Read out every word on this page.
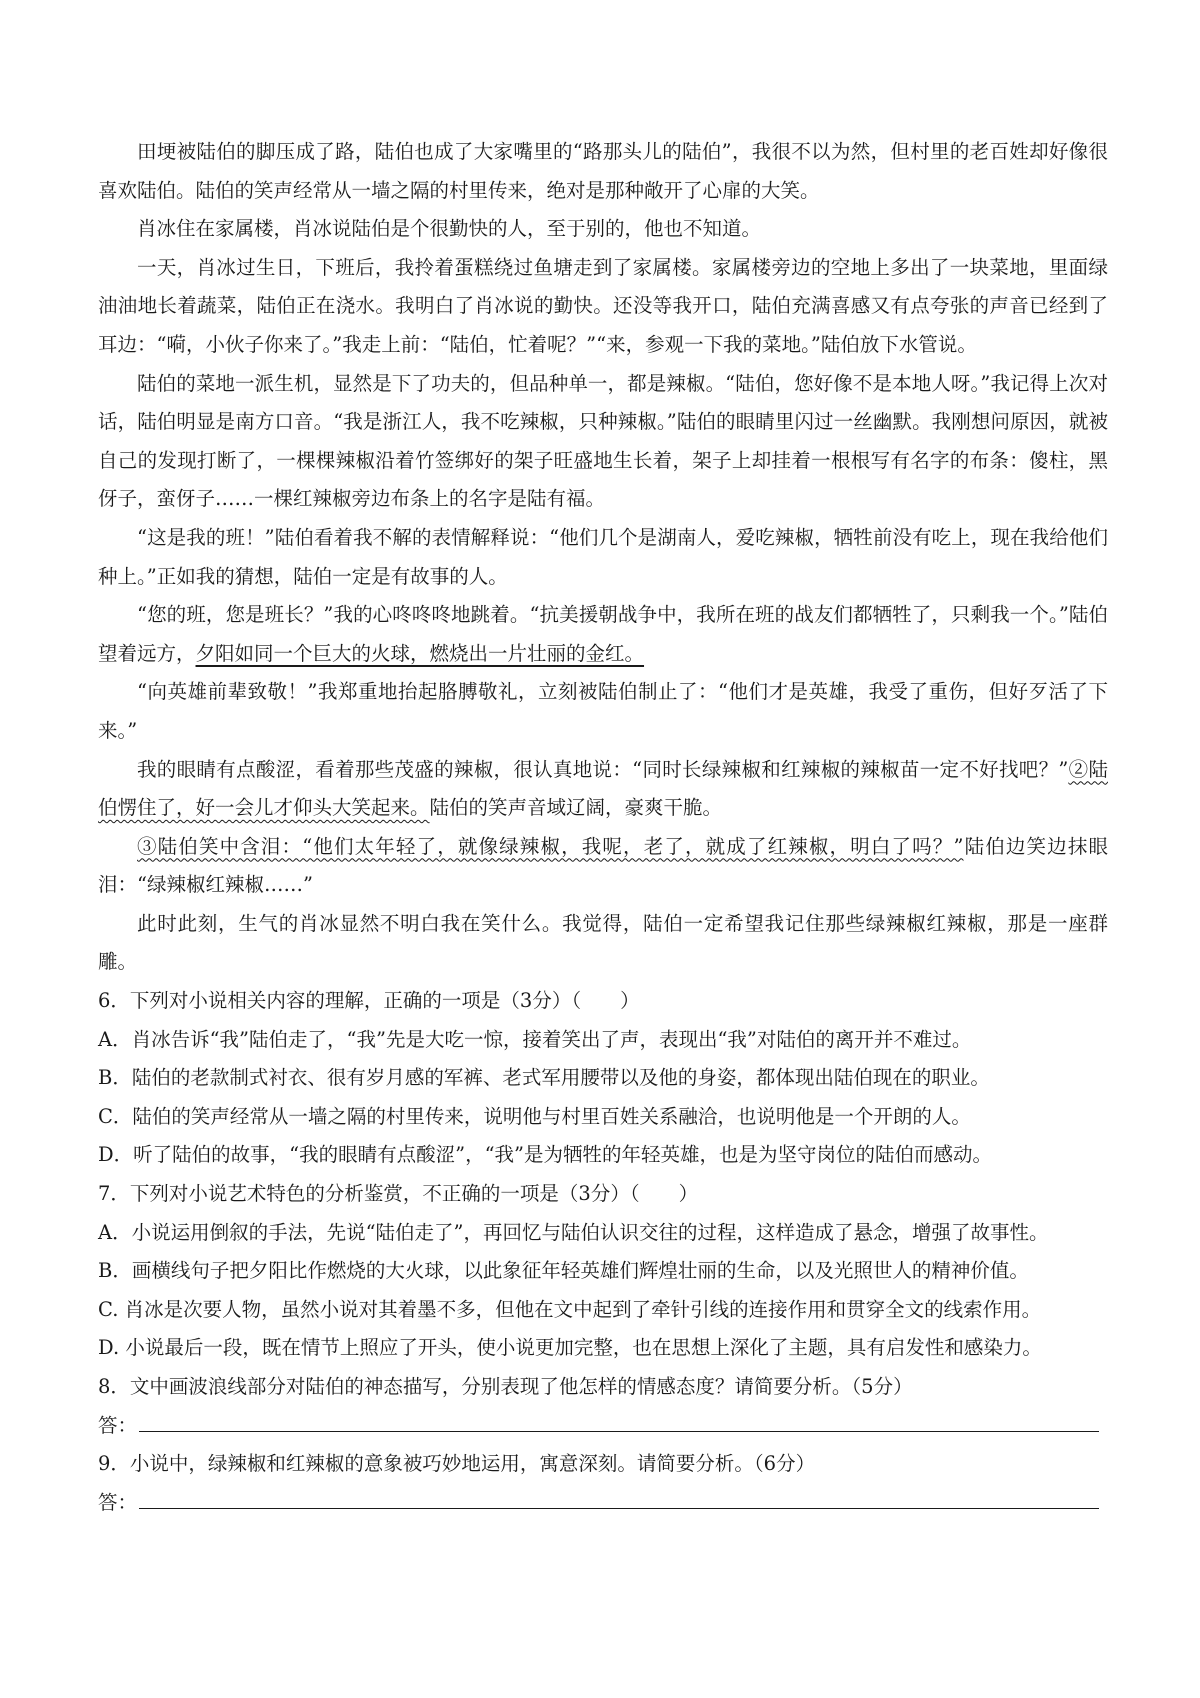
田埂被陆伯的脚压成了路，陆伯也成了大家嘴里的“路那头儿的陆伯”，我很不以为然，但村里的老百姓却好像很喜欢陆伯。陆伯的笑声经常从一墙之隔的村里传来，绝对是那种敞开了心扉的大笑。

肖冰住在家属楼，肖冰说陆伯是个很勤快的人，至于别的，他也不知道。

一天，肖冰过生日，下班后，我拎着蛋糕绕过鱼塘走到了家属楼。家属楼旁边的空地上多出了一块菜地，里面绿油油地长着蔬菜，陆伯正在浇水。我明白了肖冰说的勤快。还没等我开口，陆伯充满喜感又有点夸张的声音已经到了耳边：“嗬，小伙子你来了。”我走上前：“陆伯，忙着呢？”“来，参观一下我的菜地。”陆伯放下水管说。

陆伯的菜地一派生机，显然是下了功夫的，但品种单一，都是辣椒。“陆伯，您好像不是本地人呀。”我记得上次对话，陆伯明显是南方口音。“我是浙江人，我不吃辣椒，只种辣椒。”陆伯的眼睛里闪过一丝幽默。我刚想问原因，就被自己的发现打断了，一棵棵辣椒沿着竹签绑好的架子旺盛地生长着，架子上却挂着一根根写有名字的布条：傻柱，黑伢子，蛮伢子……一棵红辣椒旁边布条上的名字是陆有福。

“这是我的班！”陆伯看着我不解的表情解释说：“他们几个是湖南人，爱吃辣椒，牺牲前没有吃上，现在我给他们种上。”正如我的猜想，陆伯一定是有故事的人。

“您的班，您是班长？”我的心咚咚咚地跳着。“抗美援朝战争中，我所在班的战友们都牺牲了，只剩我一个。”陆伯望着远方，夕阳如同一个巨大的火球，燃烧出一片壮丽的金红。

“向英雄前辈致敬！”我郑重地抬起胳膊敬礼，立刻被陆伯制止了：“他们才是英雄，我受了重伤，但好歹活了下来。”

我的眼睛有点酸涩，看着那些茂盛的辣椒，很认真地说：“同时长绿辣椒和红辣椒的辣椒苗一定不好找吧？”②陆伯愣住了，好一会儿才仰头大笑起来。陆伯的笑声音域辽阔，豪爽干脆。

③陆伯笑中含泪：“他们太年轻了，就像绿辣椒，我呢，老了，就成了红辣椒，明白了吗？”陆伯边笑边抹眼泪：“绿辣椒红辣椒……”

此时此刻，生气的肖冰显然不明白我在笑什么。我觉得，陆伯一定希望我记住那些绿辣椒红辣椒，那是一座群雕。

6．下列对小说相关内容的理解，正确的一项是（3分）（　　）

A．肖冰告诉“我”陆伯走了，“我”先是大吃一惊，接着笑出了声，表现出“我”对陆伯的离开并不难过。

B．陆伯的老款制式衬衣、很有岁月感的军裤、老式军用腰带以及他的身姿，都体现出陆伯现在的职业。

C．陆伯的笑声经常从一墙之隔的村里传来，说明他与村里百姓关系融洽，也说明他是一个开朗的人。

D．听了陆伯的故事，“我的眼睛有点酸涩”，“我”是为牺牲的年轻英雄，也是为坚守岗位的陆伯而感动。

7．下列对小说艺术特色的分析鉴赏，不正确的一项是（3分）（　　）

A．小说运用倒叙的手法，先说“陆伯走了”，再回忆与陆伯认识交往的过程，这样造成了悬念，增强了故事性。

B．画横线句子把夕阳比作燃烧的大火球，以此象征年轻英雄们辉煌壮丽的生命，以及光照世人的精神价值。

C. 肖冰是次要人物，虽然小说对其着墨不多，但他在文中起到了牵针引线的连接作用和贯穿全文的线索作用。

D. 小说最后一段，既在情节上照应了开头，使小说更加完整，也在思想上深化了主题，具有启发性和感染力。

8．文中画波浪线部分对陆伯的神态描写，分别表现了他怎样的情感态度？请简要分析。（5分）

答：

9．小说中，绿辣椒和红辣椒的意象被巧妙地运用，寓意深刻。请简要分析。（6分）

答：
